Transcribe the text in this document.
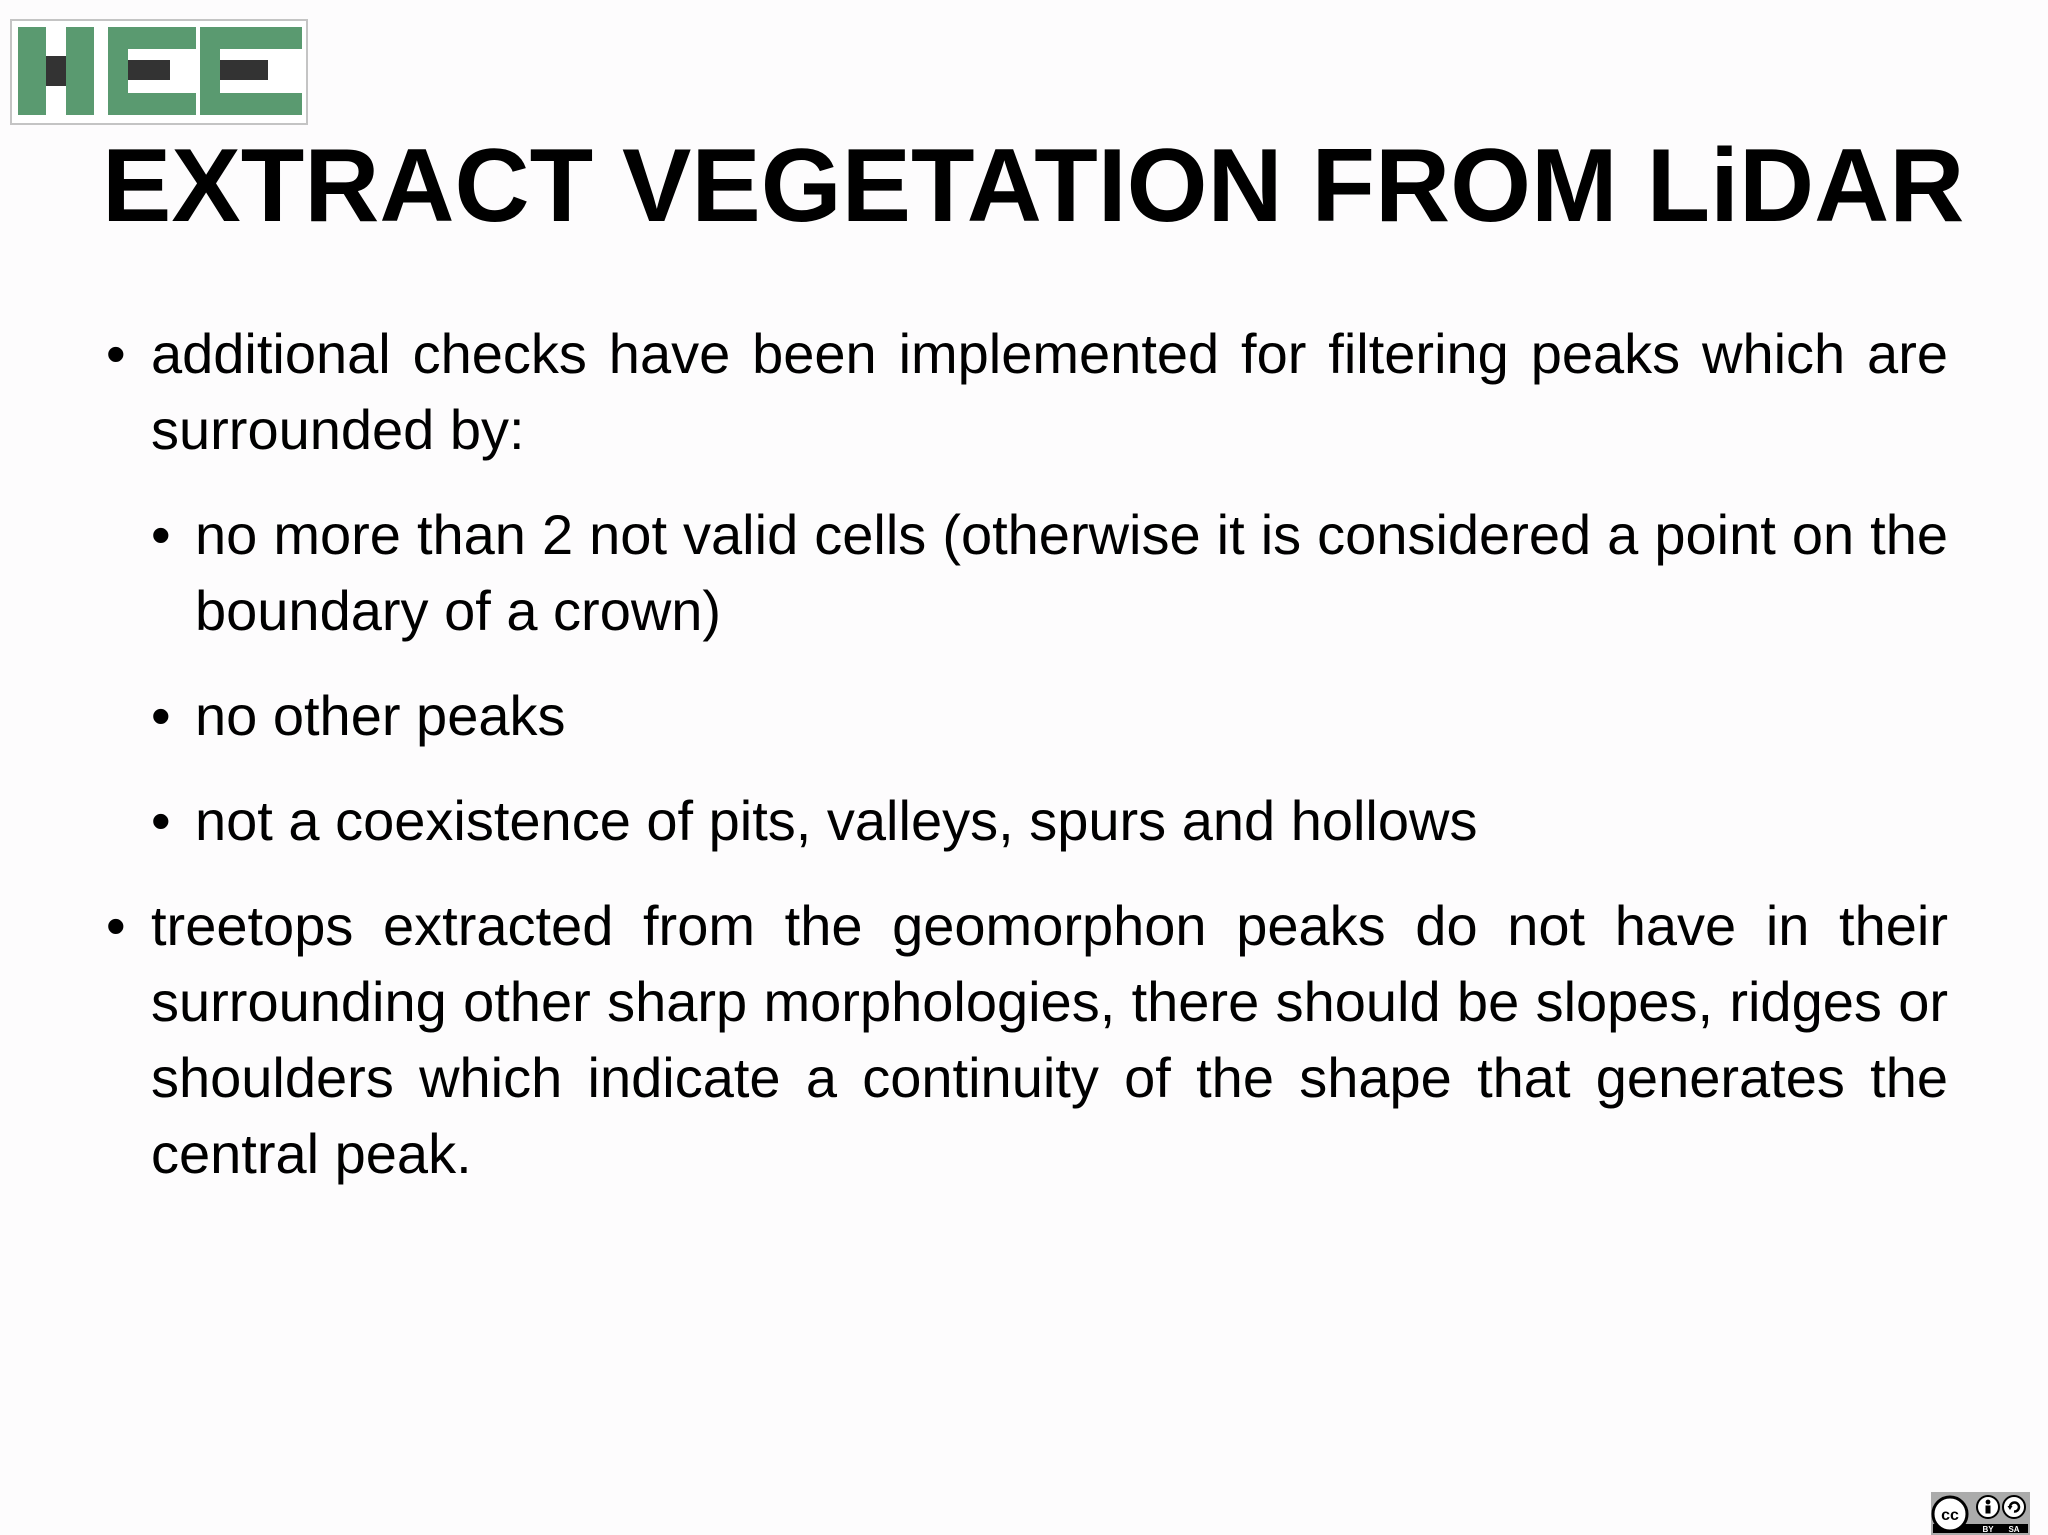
EXTRACT VEGETATION FROM LiDAR
• additional checks have been implemented for filtering peaks which are surrounded by:
• no more than 2 not valid cells (otherwise it is considered a point on the boundary of a crown)
• no other peaks
• not a coexistence of pits, valleys, spurs and hollows
• treetops extracted from the geomorphon peaks do not have in their surrounding other sharp morphologies, there should be slopes, ridges or shoulders which indicate a continuity of the shape that generates the central peak.
cc
BY SA
